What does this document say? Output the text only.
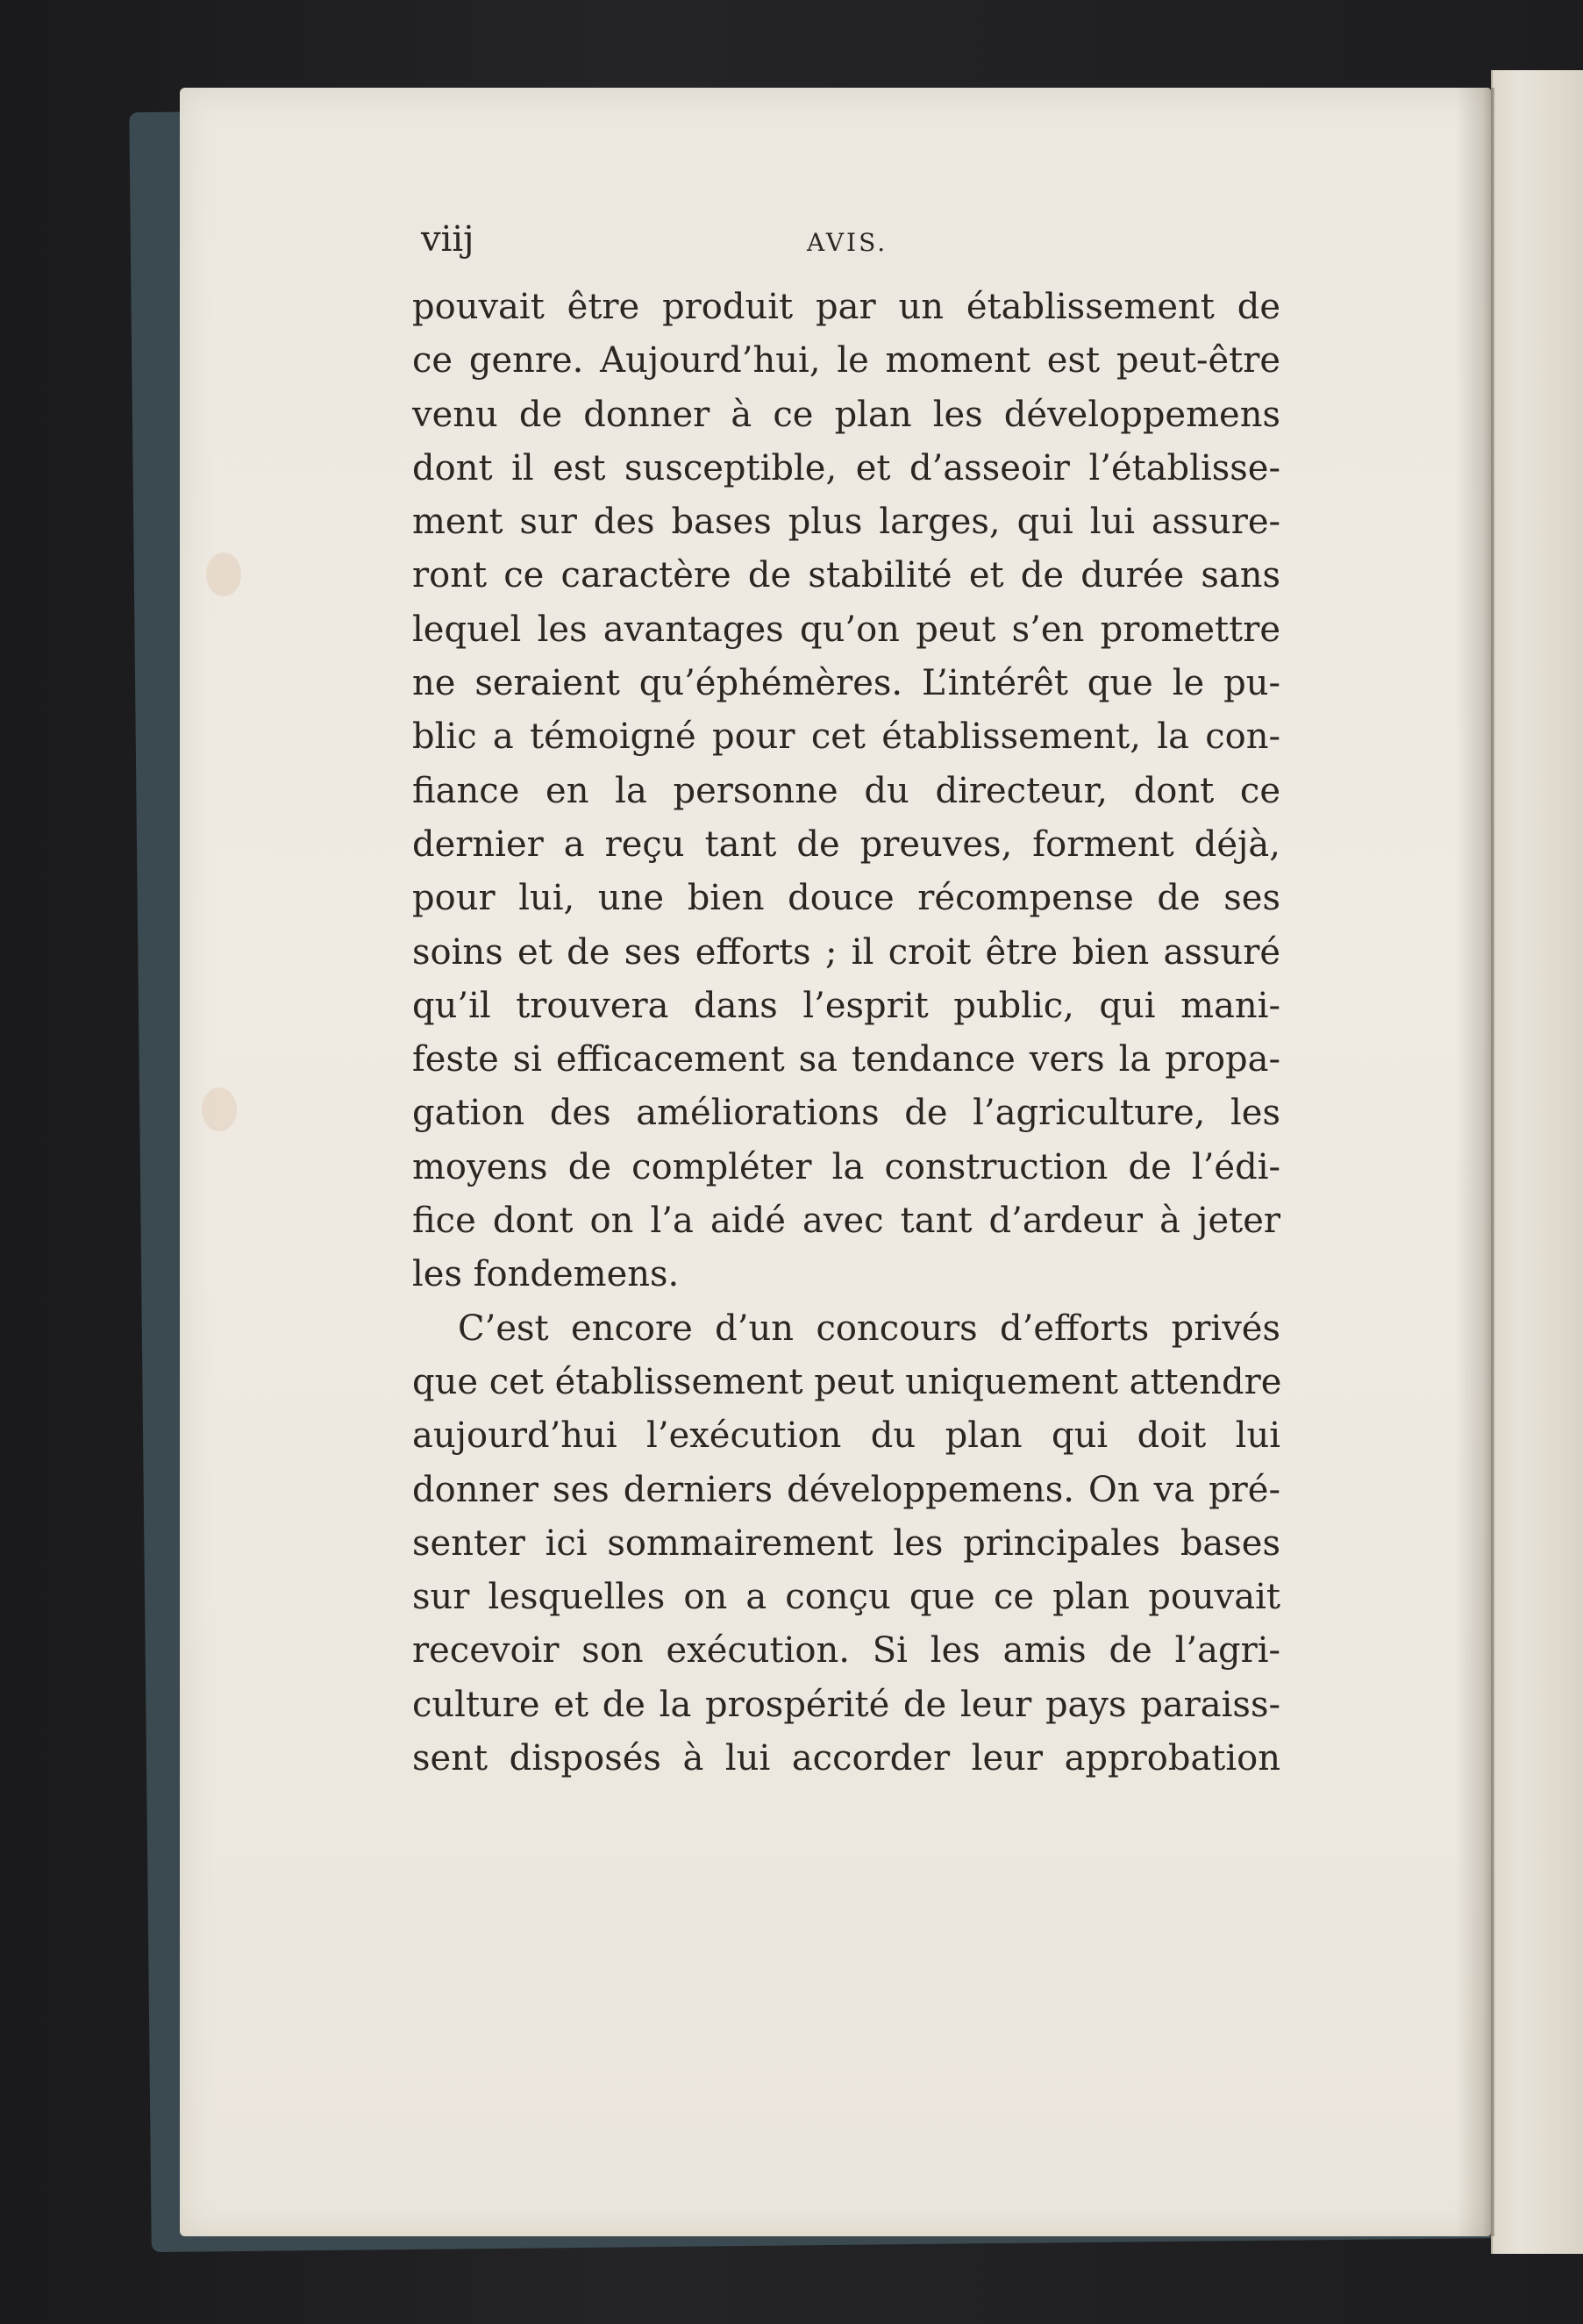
viij	AVIS.
pouvait être produit par un établissement de
ce genre. Aujourd’hui, le moment est peut-être
venu de donner à ce plan les développemens
dont il est susceptible, et d’asseoir l’établisse-
ment sur des bases plus larges, qui lui assure-
ront ce caractère de stabilité et de durée sans
lequel les avantages qu’on peut s’en promettre
ne seraient qu’éphémères. L’intérêt que le pu-
blic a témoigné pour cet établissement, la con-
fiance en la personne du directeur, dont ce
dernier a reçu tant de preuves, forment déjà,
pour lui, une bien douce récompense de ses
soins et de ses efforts ; il croit être bien assuré
qu’il trouvera dans l’esprit public, qui mani-
feste si efficacement sa tendance vers la propa-
gation des améliorations de l’agriculture, les
moyens de compléter la construction de l’édi-
fice dont on l’a aidé avec tant d’ardeur à jeter
les fondemens.
C’est encore d’un concours d’efforts privés
que cet établissement peut uniquement attendre
aujourd’hui l’exécution du plan qui doit lui
donner ses derniers développemens. On va pré-
senter ici sommairement les principales bases
sur lesquelles on a conçu que ce plan pouvait
recevoir son exécution. Si les amis de l’agri-
culture et de la prospérité de leur pays paraiss-
sent disposés à lui accorder leur approbation
